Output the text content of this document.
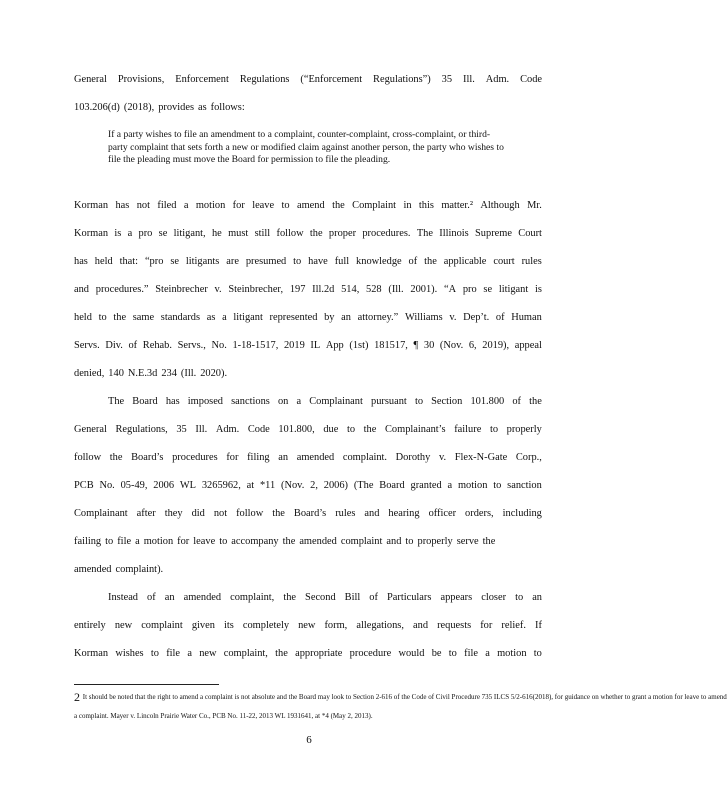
General Provisions, Enforcement Regulations (“Enforcement Regulations”) 35 Ill. Adm. Code
103.206(d) (2018), provides as follows:
Korman has not filed a motion for leave to amend the Complaint in this matter.² Although Mr.
Korman is a pro se litigant, he must still follow the proper procedures. The Illinois Supreme Court
has held that: “pro se litigants are presumed to have full knowledge of the applicable court rules
and procedures.” Steinbrecher v. Steinbrecher, 197 Ill.2d 514, 528 (Ill. 2001). “A pro se litigant is
held to the same standards as a litigant represented by an attorney.” Williams v. Dep’t. of Human
Servs. Div. of Rehab. Servs., No. 1-18-1517, 2019 IL App (1st) 181517, ¶ 30 (Nov. 6, 2019), appeal
denied, 140 N.E.3d 234 (Ill. 2020).
The Board has imposed sanctions on a Complainant pursuant to Section 101.800 of the
General Regulations, 35 Ill. Adm. Code 101.800, due to the Complainant’s failure to properly
follow the Board’s procedures for filing an amended complaint. Dorothy v. Flex-N-Gate Corp.,
PCB No. 05-49, 2006 WL 3265962, at *11 (Nov. 2, 2006) (The Board granted a motion to sanction
Complainant after they did not follow the Board’s rules and hearing officer orders, including
failing to file a motion for leave to accompany the amended complaint and to properly serve the
amended complaint).
Instead of an amended complaint, the Second Bill of Particulars appears closer to an
entirely new complaint given its completely new form, allegations, and requests for relief. If
Korman wishes to file a new complaint, the appropriate procedure would be to file a motion to

If a party wishes to file an amendment to a complaint, counter-complaint, cross-complaint, or third-party complaint that sets forth a new or modified claim against another person, the party who wishes to file the pleading must move the Board for permission to file the pleading.

2 It should be noted that the right to amend a complaint is not absolute and the Board may look to Section 2-616 of the Code of Civil Procedure 735 ILCS 5/2-616(2018), for guidance on whether to grant a motion for leave to amend
a complaint. Mayer v. Lincoln Prairie Water Co., PCB No. 11-22, 2013 WL 1931641, at *4 (May 2, 2013).
6
